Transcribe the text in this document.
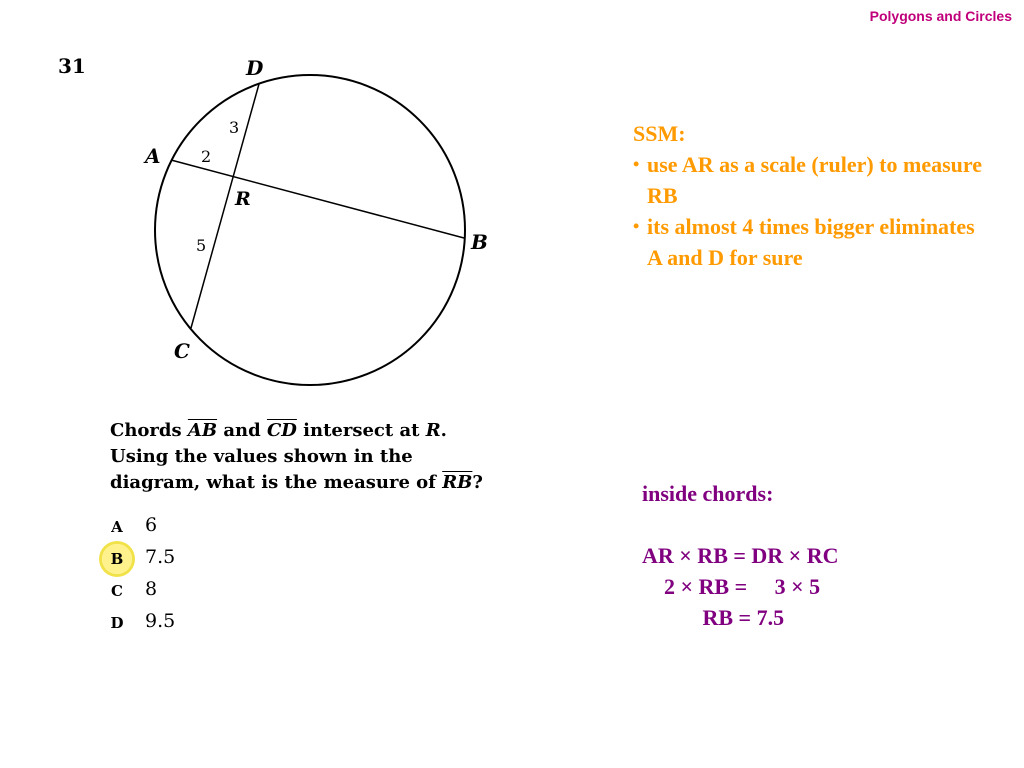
Polygons and Circles
31	D
A
R
B
C
3
2
5

Chords $\overline{AB}$ and $\overline{CD}$ intersect at R.
Using the values shown in the
diagram, what is the measure of $\overline{RB}$?

A	6
B 7.5
C	8
D 9.5
SSM:
• use AR as a scale (ruler) to measure RB
• its almost 4 times bigger eliminates A and D for sure
inside chords:

AR × RB = DR × RC
2 × RB =     3 × 5
RB = 7.5
